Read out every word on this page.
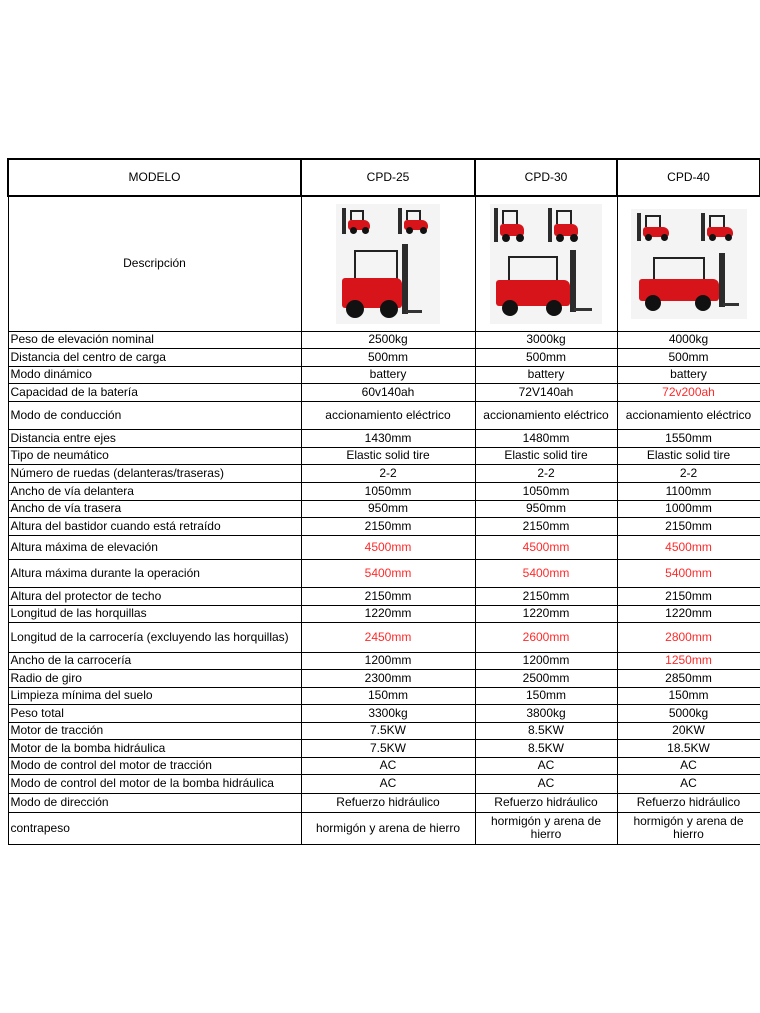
MODELO	CPD-25	CPD-30	CPD-40
Descripción	

Peso de elevación nominal	2500kg	3000kg	4000kg
Distancia del centro de carga	500mm	500mm	500mm
Modo dinámico	battery	battery	battery
Capacidad de la batería	60v140ah	72V140ah	72v200ah
Modo de conducción	accionamiento eléctrico	accionamiento eléctrico	accionamiento eléctrico
Distancia entre ejes	1430mm	1480mm	1550mm
Tipo de neumático	Elastic solid tire	Elastic solid tire	Elastic solid tire
Número de ruedas (delanteras/traseras)	2-2	2-2	2-2
Ancho de vía delantera	1050mm	1050mm	1100mm
Ancho de vía trasera	950mm	950mm	1000mm
Altura del bastidor cuando está retraído	2150mm	2150mm	2150mm
Altura máxima de elevación	4500mm	4500mm	4500mm
Altura máxima durante la operación	5400mm	5400mm	5400mm
Altura del protector de techo	2150mm	2150mm	2150mm
Longitud de las horquillas	1220mm	1220mm	1220mm
Longitud de la carrocería (excluyendo las horquillas)	2450mm	2600mm	2800mm
Ancho de la carrocería	1200mm	1200mm	1250mm
Radio de giro	2300mm	2500mm	2850mm
Limpieza mínima del suelo	150mm	150mm	150mm
Peso total	3300kg	3800kg	5000kg
Motor de tracción	7.5KW	8.5KW	20KW
Motor de la bomba hidráulica	7.5KW	8.5KW	18.5KW
Modo de control del motor de tracción	AC	AC	AC
Modo de control del motor de la bomba hidráulica	AC	AC	AC
Modo de dirección	Refuerzo hidráulico	Refuerzo hidráulico	Refuerzo hidráulico
contrapeso	hormigón y arena de hierro	hormigón y arena de hierro	hormigón y arena de hierro
